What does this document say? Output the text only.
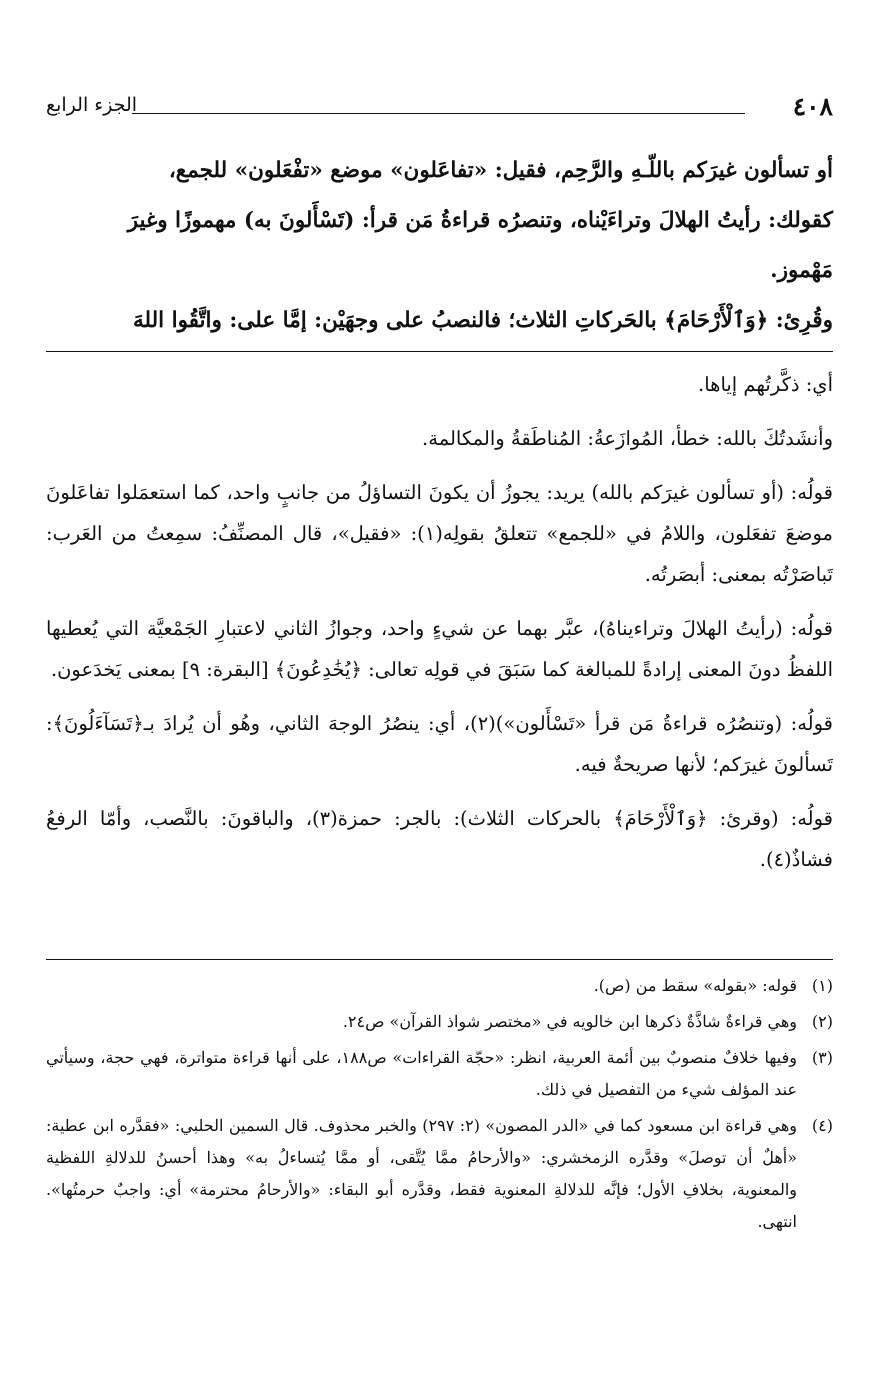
٤٠٨
الجزء الرابع

أو تسألون غيرَكم باللّـهِ والرَّحِم، فقيل: «تفاعَلون» موضع «تفْعَلون» للجمع،

كقولك: رأيتُ الهلالَ وتراءَيْناه، وتنصرُه قراءةُ مَن قرأ: (تَسْأَلونَ به) مهموزًا وغيرَ

مَهْموز.

وقُرِئ: ﴿وَٱلْأَرْحَامَ﴾ بالحَركاتِ الثلاث؛ فالنصبُ على وجهَيْن: إمَّا على: واتَّقُوا اللهَ

أي: ذكَّرتُهم إياها.

وأنشَدتُكَ بالله: خطأ، المُوازَعةُ: المُناطَقةُ والمكالمة.

قولُه: (أو تسألون غيرَكم بالله) يريد: يجوزُ أن يكونَ التساؤلُ من جانبٍ واحد، كما استعمَلوا تفاعَلونَ موضعَ تفعَلون، واللامُ في «للجمع» تتعلقُ بقولِه(١): «فقيل»، قال المصنِّفُ: سمِعتُ من العَرب: تَباصَرْتُه بمعنى: أبصَرتُه.

قولُه: (رأيتُ الهلالَ وتراءيناهُ)، عبَّر بهما عن شيءٍ واحد، وجوازُ الثاني لاعتبارِ الجَمْعيَّة التي يُعطيها اللفظُ دونَ المعنى إرادةً للمبالغة كما سَبَقَ في قولِه تعالى: ﴿يُخَٰدِعُونَ﴾ [البقرة: ٩] بمعنى يَخدَعون.

قولُه: (وتنصُرُه قراءةُ مَن قرأ «تَسْأَلون»)(٢)، أي: ينصُرُ الوجهَ الثاني، وهُو أن يُرادَ بـ﴿تَسَآءَلُونَ﴾: تَسألونَ غيرَكم؛ لأنها صريحةٌ فيه.

قولُه: (وقرئ: ﴿وَٱلْأَرْحَامَ﴾ بالحركات الثلاث): بالجر: حمزة(٣)، والباقونَ: بالنَّصب، وأمّا الرفعُ فشاذٌ(٤).

(١)
قوله: «بقوله» سقط من (ص).
(٢)
وهي قراءةٌ شاذَّةٌ ذكرها ابن خالويه في «مختصر شواذ القرآن» ص٢٤.
(٣)
وفيها خلافٌ منصوبٌ بين أئمة العربية، انظر: «حجّة القراءات» ص١٨٨، على أنها قراءة متواترة، فهي حجة، وسيأتي عند المؤلف شيء من التفصيل في ذلك.
(٤)
وهي قراءة ابن مسعود كما في «الدر المصون» (٢: ٢٩٧) والخبر محذوف. قال السمين الحلبي: «فقدَّره ابن عطية: «أهلٌ أن توصلَ» وقدَّره الزمخشري: «والأرحامُ ممَّا يُتَّقى، أو ممَّا يُتساءلُ به» وهذا أحسنُ للدلالةِ اللفظية والمعنوية، بخلافِ الأول؛ فإنَّه للدلالةِ المعنوية فقط، وقدَّره أبو البقاء: «والأرحامُ محترمة» أي: واجبٌ حرمتُها». انتهى.
